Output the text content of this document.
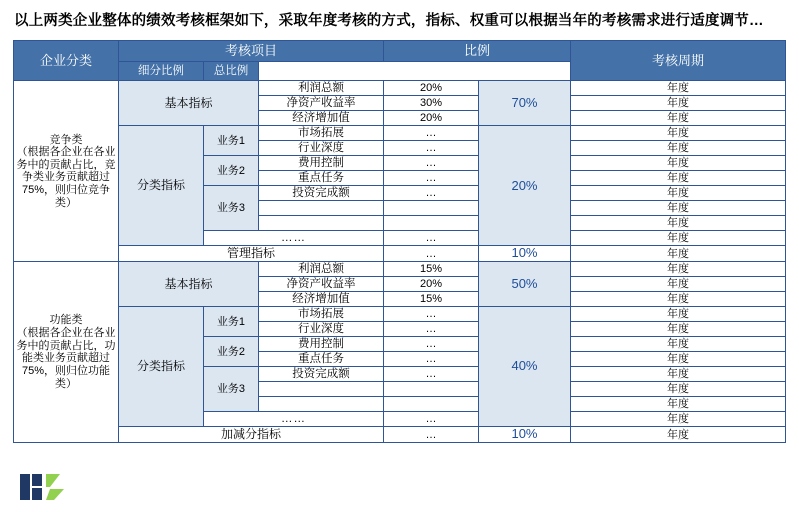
以上两类企业整体的绩效考核框架如下，采取年度考核的方式，指标、权重可以根据当年的考核需求进行适度调节…
企业分类	考核项目			比例		考核周期
	细分比例	总比例				

竞争类
（根据各企业在各业务中的贡献占比，竞争类业务贡献超过75%，则归位竞争类）	基本指标		利润总额	20%	70%	年度
			净资产收益率	30%		年度
			经济增加值	20%		年度
	分类指标	业务1	市场拓展	…	20%	年度
			行业深度	…		年度
		业务2	费用控制	…		年度
			重点任务	…		年度
		业务3	投资完成额	…		年度
						年度
						年度
		……		…		年度
	管理指标			…	10%	年度

功能类
（根据各企业在各业务中的贡献占比，功能类业务贡献超过75%，则归位功能类）	基本指标		利润总额	15%	50%	年度
			净资产收益率	20%		年度
			经济增加值	15%		年度
	分类指标	业务1	市场拓展	…	40%	年度
			行业深度	…		年度
		业务2	费用控制	…		年度
			重点任务	…		年度
		业务3	投资完成额	…		年度
						年度
						年度
		……		…		年度
	加减分指标			…	10%	年度
